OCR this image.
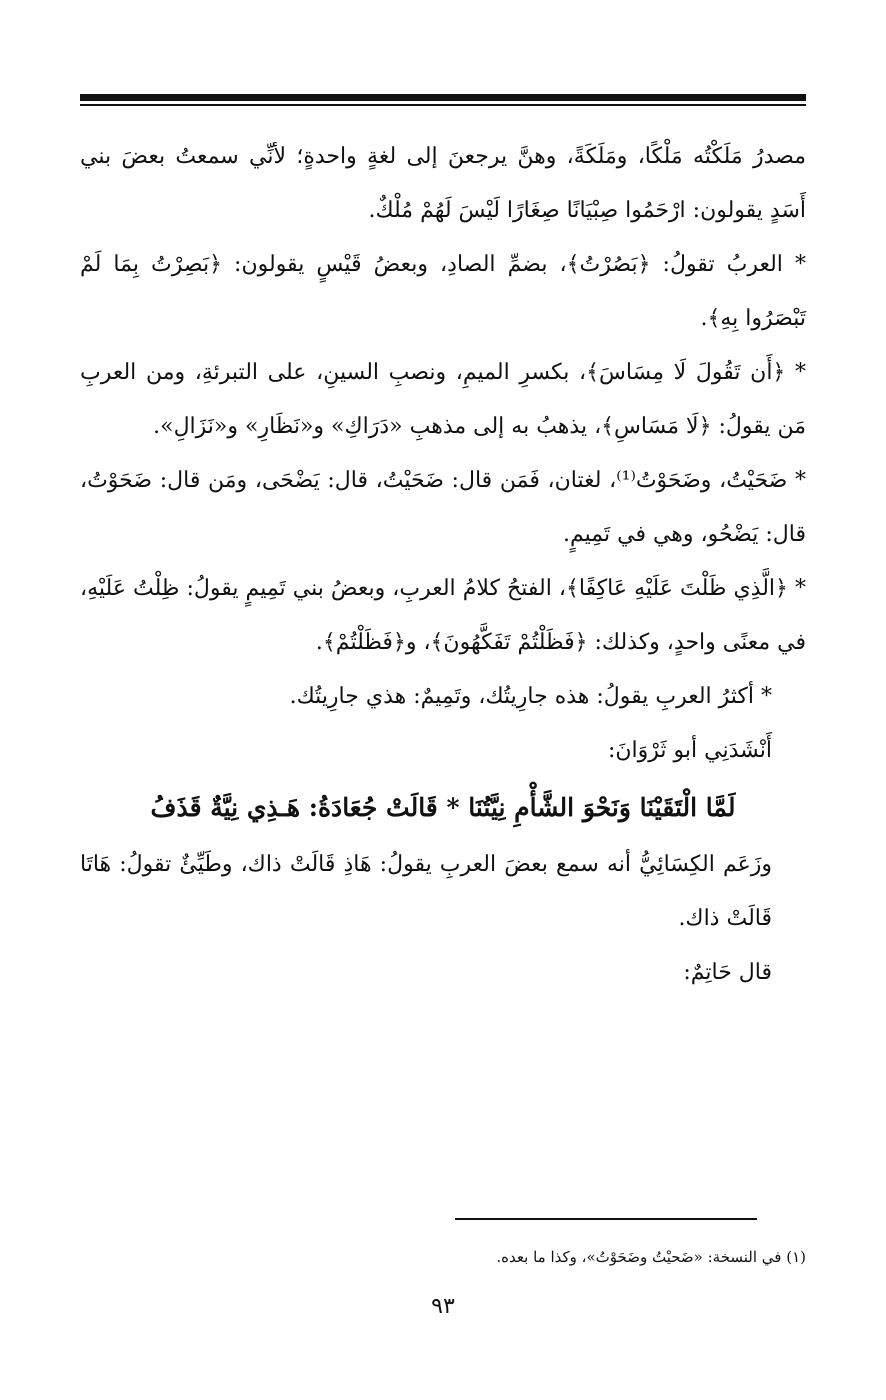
مصدرُ مَلَكْتُه مَلْكًا، ومَلَكَةً، وهنَّ يرجعنَ إلى لغةٍ واحدةٍ؛ لأنِّي سمعتُ بعضَ بني أَسَدٍ يقولون: ارْحَمُوا صِبْيَانًا صِغَارًا لَيْسَ لَهُمْ مُلْكٌ.

* العربُ تقولُ: ﴿بَصُرْتُ﴾، بضمِّ الصادِ، وبعضُ قَيْسٍ يقولون: ﴿بَصِرْتُ بِمَا لَمْ تَبْصَرُوا بِهِ﴾.

* ﴿أَن تَقُولَ لَا مِسَاسَ﴾، بكسرِ الميمِ، ونصبِ السينِ، على التبرئةِ، ومن العربِ مَن يقولُ: ﴿لَا مَسَاسِ﴾، يذهبُ به إلى مذهبِ «دَرَاكِ» و«نَظَارِ» و«نَزَالِ».

* ضَحَيْتُ، وضَحَوْتُ⁽¹⁾، لغتان، فَمَن قال: ضَحَيْتُ، قال: يَضْحَى، ومَن قال: ضَحَوْتُ، قال: يَضْحُو، وهي في تَمِيمٍ.

* ﴿الَّذِي ظَلْتَ عَلَيْهِ عَاكِفًا﴾، الفتحُ كلامُ العربِ، وبعضُ بني تَمِيمٍ يقولُ: ظِلْتُ عَلَيْهِ، في معنًى واحدٍ، وكذلك: ﴿فَظَلْتُمْ تَفَكَّهُونَ﴾، و﴿فَظَلْتُمْ﴾.

* أكثرُ العربِ يقولُ: هذه جارِيتُك، وتَمِيمٌ: هذي جارِيتُك.

أَنْشَدَنِي أبو ثَرْوَانَ:

لَمَّا الْتَقَيْنَا وَنَحْوَ الشَّأْمِ نِيَّتُنَا * قَالَتْ جُعَادَةُ: هَـذِي نِيَّةٌ قَذَفُ

وزَعَم الكِسَائِيُّ أنه سمع بعضَ العربِ يقولُ: هَاذِ قَالَتْ ذاك، وطَيِّئٌ تقولُ: هَاتَا قَالَتْ ذاك.

قال حَاتِمٌ:

(١) في النسخة: «ضَحيْتُ وضَحَوْتُ»، وكذا ما بعده.
٩٣
